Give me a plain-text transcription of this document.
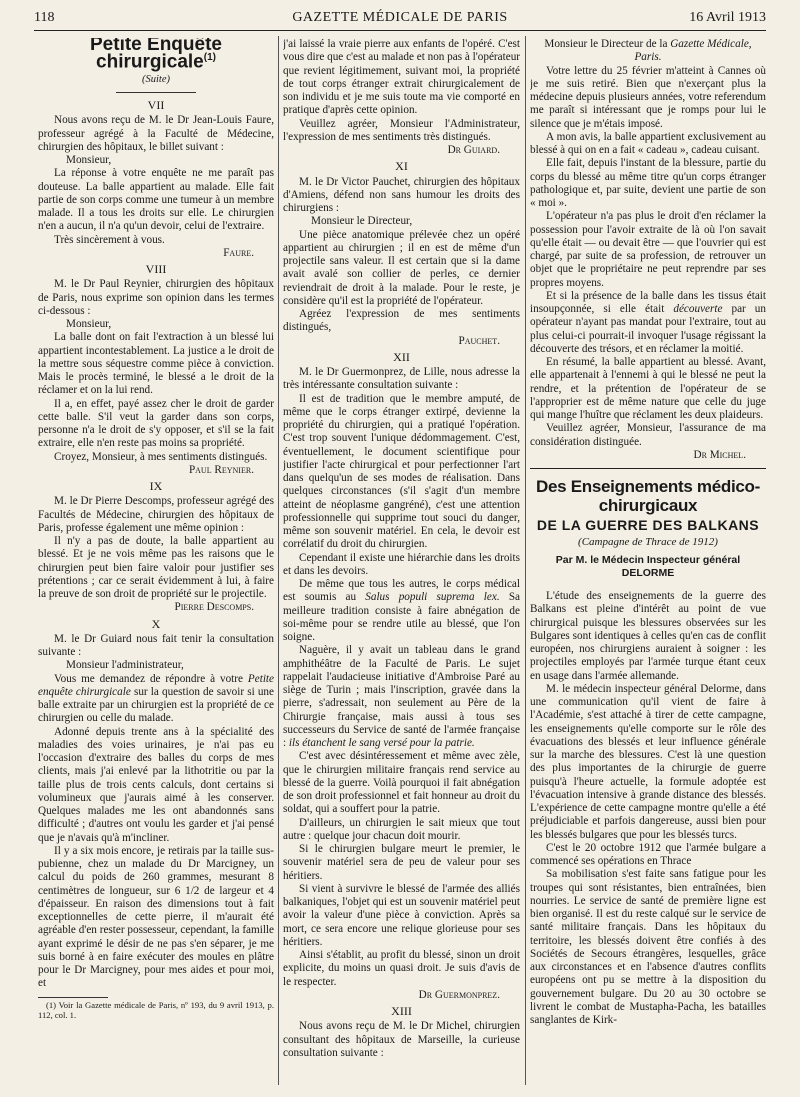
118	GAZETTE MÉDICALE DE PARIS	16 Avril 1913

Petite Enquête chirurgicale$^{(1)}$

(Suite)

VII

Nous avons reçu de M. le Dr Jean-Louis Faure, professeur agrégé à la Faculté de Médecine, chirurgien des hôpitaux, le billet suivant :

Monsieur,

La réponse à votre enquête ne me paraît pas douteuse. La balle appartient au malade. Elle fait partie de son corps comme une tumeur à un membre malade. Il a tous les droits sur elle. Le chirurgien n'en a aucun, il n'a qu'un devoir, celui de l'extraire.

Très sincèrement à vous.

Faure.

VIII

M. le Dr Paul Reynier, chirurgien des hôpitaux de Paris, nous exprime son opinion dans les termes ci-dessous :

Monsieur,

La balle dont on fait l'extraction à un blessé lui appartient incontestablement. La justice a le droit de la mettre sous séquestre comme pièce à conviction. Mais le procès terminé, le blessé a le droit de la réclamer et on la lui rend.

Il a, en effet, payé assez cher le droit de garder cette balle. S'il veut la garder dans son corps, personne n'a le droit de s'y opposer, et s'il se la fait extraire, elle n'en reste pas moins sa propriété.

Croyez, Monsieur, à mes sentiments distingués.

Paul Reynier.

IX

M. le Dr Pierre Descomps, professeur agrégé des Facultés de Médecine, chirurgien des hôpitaux de Paris, professe également une même opinion :

Il n'y a pas de doute, la balle appartient au blessé. Et je ne vois même pas les raisons que le chirurgien peut bien faire valoir pour justifier ses prétentions ; car ce serait évidemment à lui, à faire la preuve de son droit de propriété sur le projectile.

Pierre Descomps.

X

M. le Dr Guiard nous fait tenir la consultation suivante :

Monsieur l'administrateur,

Vous me demandez de répondre à votre Petite enquête chirurgicale sur la question de savoir si une balle extraite par un chirurgien est la propriété de ce chirurgien ou celle du malade.

Adonné depuis trente ans à la spécialité des maladies des voies urinaires, je n'ai pas eu l'occasion d'extraire des balles du corps de mes clients, mais j'ai enlevé par la lithotritie ou par la taille plus de trois cents calculs, dont certains si volumineux que j'aurais aimé à les conserver. Quelques malades me les ont abandonnés sans difficulté ; d'autres ont voulu les garder et j'ai pensé que je n'avais qu'à m'incliner.

Il y a six mois encore, je retirais par la taille sus-pubienne, chez un malade du Dr Marcigney, un calcul du poids de 260 grammes, mesurant 8 centimètres de longueur, sur 6 1/2 de largeur et 4 d'épaisseur. En raison des dimensions tout à fait exceptionnelles de cette pierre, il m'aurait été agréable d'en rester possesseur, cependant, la famille ayant exprimé le désir de ne pas s'en séparer, je me suis borné à en faire exécuter des moules en plâtre pour le Dr Marcigney, pour mes aides et pour moi, et

(1) Voir la Gazette médicale de Paris, nº 193, du 9 avril 1913, p. 112, col. 1.

j'ai laissé la vraie pierre aux enfants de l'opéré. C'est vous dire que c'est au malade et non pas à l'opérateur que revient légitimement, suivant moi, la propriété de tout corps étranger extrait chirurgicalement de son individu et je me suis toute ma vie comporté en pratique d'après cette opinion.

Veuillez agréer, Monsieur l'Administrateur, l'expression de mes sentiments très distingués.

Dr Guiard.

XI

M. le Dr Victor Pauchet, chirurgien des hôpitaux d'Amiens, défend non sans humour les droits des chirurgiens :

Monsieur le Directeur,

Une pièce anatomique prélevée chez un opéré appartient au chirurgien ; il en est de même d'un projectile sans valeur. Il est certain que si la dame avait avalé son collier de perles, ce dernier reviendrait de droit à la malade. Pour le reste, je considère qu'il est la propriété de l'opérateur.

Agréez l'expression de mes sentiments distingués,

Pauchet.

XII

M. le Dr Guermonprez, de Lille, nous adresse la très intéressante consultation suivante :

Il est de tradition que le membre amputé, de même que le corps étranger extirpé, devienne la propriété du chirurgien, qui a pratiqué l'opération. C'est trop souvent l'unique dédommagement. C'est, éventuellement, le document scientifique pour justifier l'acte chirurgical et pour perfectionner l'art dans quelqu'un de ses modes de réalisation. Dans quelques circonstances (s'il s'agit d'un membre atteint de néoplasme gangréné), c'est une attention professionnelle qui supprime tout souci du danger, même son souvenir matériel. En cela, le devoir est corrélatif du droit du chirurgien.

Cependant il existe une hiérarchie dans les droits et dans les devoirs.

De même que tous les autres, le corps médical est soumis au Salus populi suprema lex. Sa meilleure tradition consiste à faire abnégation de soi-même pour se rendre utile au blessé, que l'on soigne.

Naguère, il y avait un tableau dans le grand amphithéâtre de la Faculté de Paris. Le sujet rappelait l'audacieuse initiative d'Ambroise Paré au siège de Turin ; mais l'inscription, gravée dans la pierre, s'adressait, non seulement au Père de la Chirurgie française, mais aussi à tous ses successeurs du Service de santé de l'armée française : ils étanchent le sang versé pour la patrie.

C'est avec désintéressement et même avec zèle, que le chirurgien militaire français rend service au blessé de la guerre. Voilà pourquoi il fait abnégation de son droit professionnel et fait honneur au droit du soldat, qui a souffert pour la patrie.

D'ailleurs, un chirurgien le sait mieux que tout autre : quelque jour chacun doit mourir.

Si le chirurgien bulgare meurt le premier, le souvenir matériel sera de peu de valeur pour ses héritiers.

Si vient à survivre le blessé de l'armée des alliés balkaniques, l'objet qui est un souvenir matériel peut avoir la valeur d'une pièce à conviction. Après sa mort, ce sera encore une relique glorieuse pour ses héritiers.

Ainsi s'établit, au profit du blessé, sinon un droit explicite, du moins un quasi droit. Je suis d'avis de le respecter.

Dr Guermonprez.

XIII

Nous avons reçu de M. le Dr Michel, chirurgien consultant des hôpitaux de Marseille, la curieuse consultation suivante :

Monsieur le Directeur de la Gazette Médicale, Paris.

Votre lettre du 25 février m'atteint à Cannes où je me suis retiré. Bien que n'exerçant plus la médecine depuis plusieurs années, votre referendum me paraît si intéressant que je romps pour lui le silence que je m'étais imposé.

A mon avis, la balle appartient exclusivement au blessé à qui on en a fait « cadeau », cadeau cuisant.

Elle fait, depuis l'instant de la blessure, partie du corps du blessé au même titre qu'un corps étranger pathologique et, par suite, devient une partie de son « moi ».

L'opérateur n'a pas plus le droit d'en réclamer la possession pour l'avoir extraite de là où l'on savait qu'elle était — ou devait être — que l'ouvrier qui est chargé, par suite de sa profession, de retrouver un objet que le propriétaire ne peut reprendre par ses propres moyens.

Et si la présence de la balle dans les tissus était insoupçonnée, si elle était découverte par un opérateur n'ayant pas mandat pour l'extraire, tout au plus celui-ci pourrait-il invoquer l'usage régissant la découverte des trésors, et en réclamer la moitié.

En résumé, la balle appartient au blessé. Avant, elle appartenait à l'ennemi à qui le blessé ne peut la rendre, et la prétention de l'opérateur de se l'approprier est de même nature que celle du juge qui mange l'huître que réclament les deux plaideurs.

Veuillez agréer, Monsieur, l'assurance de ma considération distinguée.

Dr Michel.

Des Enseignements médico-chirurgicaux

DE LA GUERRE DES BALKANS

(Campagne de Thrace de 1912)

Par M. le Médecin Inspecteur général DELORME

L'étude des enseignements de la guerre des Balkans est pleine d'intérêt au point de vue chirurgical puisque les blessures observées sur les Bulgares sont identiques à celles qu'en cas de conflit européen, nos chirurgiens auraient à soigner : les projectiles employés par l'armée turque étant ceux en usage dans l'armée allemande.

M. le médecin inspecteur général Delorme, dans une communication qu'il vient de faire à l'Académie, s'est attaché à tirer de cette campagne, les enseignements qu'elle comporte sur le rôle des évacuations des blessés et leur influence générale sur la marche des blessures. C'est là une question des plus importantes de la chirurgie de guerre puisqu'à l'heure actuelle, la formule adoptée est l'évacuation intensive à grande distance des blessés. L'expérience de cette campagne montre qu'elle a été préjudiciable et parfois dangereuse, aussi bien pour les blessés bulgares que pour les blessés turcs.

C'est le 20 octobre 1912 que l'armée bulgare a commencé ses opérations en Thrace

Sa mobilisation s'est faite sans fatigue pour les troupes qui sont résistantes, bien entraînées, bien nourries. Le service de santé de première ligne est bien organisé. Il est du reste calqué sur le service de santé militaire français. Dans les hôpitaux du territoire, les blessés doivent être confiés à des Sociétés de Secours étrangères, lesquelles, grâce aux circonstances et en l'absence d'autres conflits européens ont pu se mettre à la disposition du gouvernement bulgare. Du 20 au 30 octobre se livrent le combat de Mustapha-Pacha, les batailles sanglantes de Kirk-
